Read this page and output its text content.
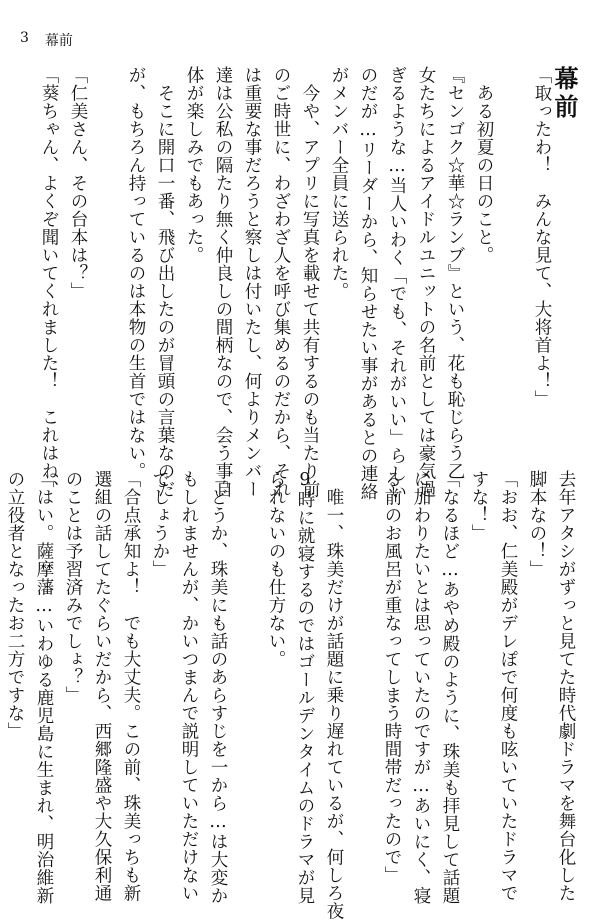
3 幕前
幕前

「取ったわ！　みんな見て、大将首よ！」

　ある初夏の日のこと。

『センゴク☆華☆ランブ』という、花も恥じらう乙

女たちによるアイドルユニットの名前としては豪気過

ぎるような…当人いわく「でも、それがいい」らしい

のだが…リーダーから、知らせたい事があるとの連絡

がメンバー全員に送られた。

　今や、アプリに写真を載せて共有するのも当たり前

のご時世に、わざわざ人を呼び集めるのだから、それ

は重要な事だろうと察しは付いたし、何よりメンバー

達は公私の隔たり無く仲良しの間柄なので、会う事自

体が楽しみでもあった。

　そこに開口一番、飛び出したのが冒頭の言葉なのだ

が、もちろん持っているのは本物の生首ではない。

「仁美さん、その台本は？」

「葵ちゃん、よくぞ聞いてくれました！　これはね、

去年アタシがずっと見てた時代劇ドラマを舞台化した

脚本なの！」

「おお、仁美殿がデレぽで何度も呟いていたドラマで

すな！」

「なるほど…あやめ殿のように、珠美も拝見して話題

に加わりたいとは思っていたのですが…あいにく、寝

る前のお風呂が重なってしまう時間帯だったので」

　唯一、珠美だけが話題に乗り遅れているが、何しろ夜

9時に就寝するのではゴールデンタイムのドラマが見

られないのも仕方ない。

「どうか、珠美にも話のあらすじを一から…は大変か

もしれませんが、かいつまんで説明していただけない

でしょうか」

「合点承知よ！　でも大丈夫。この前、珠美っちも新

選組の話してたぐらいだから、西郷隆盛や大久保利通

のことは予習済みでしょ？」

「はい。薩摩藩…いわゆる鹿児島に生まれ、明治維新

の立役者となったお二方ですな」
